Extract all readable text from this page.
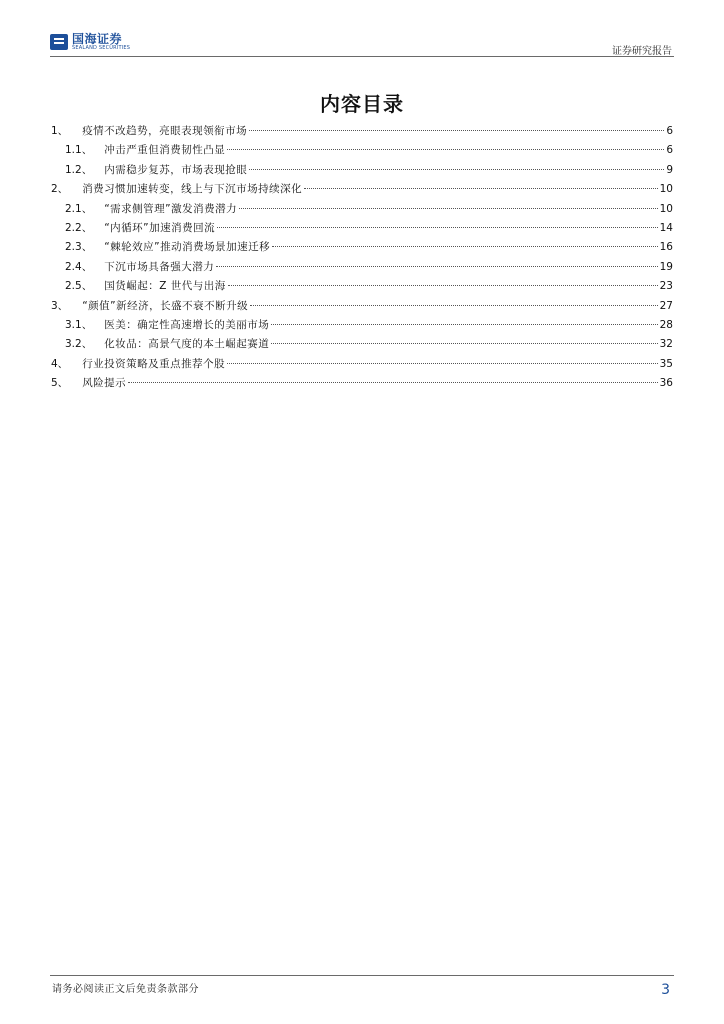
国海证券
SEALAND SECURITIES	证券研究报告
内容目录
1、 疫情不改趋势，亮眼表现领衔市场	6
1.1、 冲击严重但消费韧性凸显	6
1.2、 内需稳步复苏，市场表现抢眼	9
2、 消费习惯加速转变，线上与下沉市场持续深化	10
2.1、 “需求侧管理”激发消费潜力	10
2.2、 “内循环”加速消费回流	14
2.3、 “棘轮效应”推动消费场景加速迁移	16
2.4、 下沉市场具备强大潜力	19
2.5、 国货崛起：Z 世代与出海	23
3、 “颜值”新经济，长盛不衰不断升级	27
3.1、 医美：确定性高速增长的美丽市场	28
3.2、 化妆品：高景气度的本土崛起赛道	32
4、 行业投资策略及重点推荐个股	35
5、 风险提示	36
请务必阅读正文后免责条款部分	3
